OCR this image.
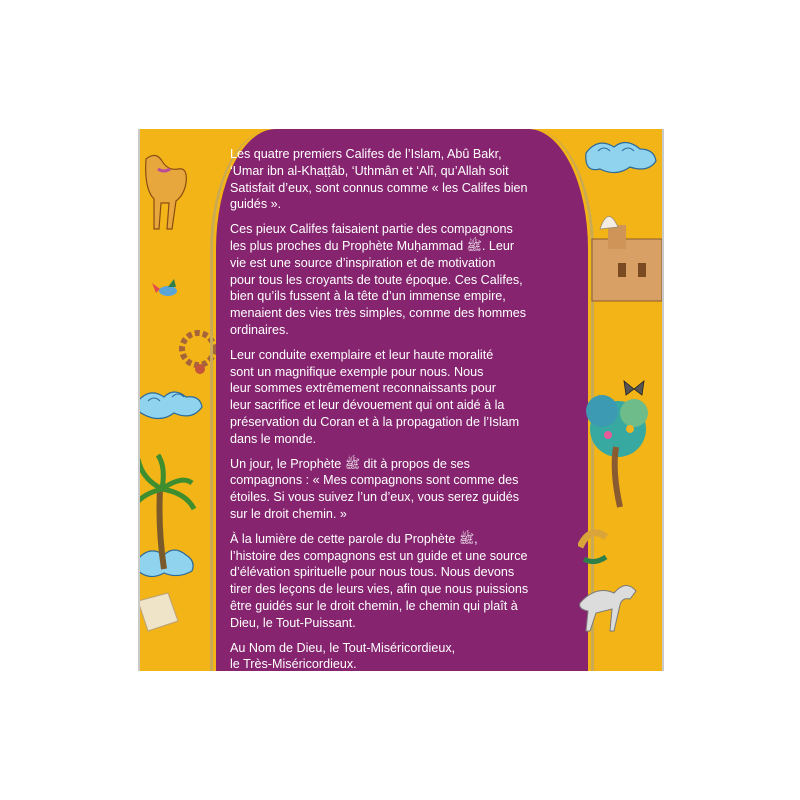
Les quatre premiers Califes de l’Islam, Abû Bakr,
‘Umar ibn al-Khaṭṭâb, ‘Uthmân et ‘Alî, qu’Allah soit
Satisfait d’eux, sont connus comme « les Califes bien
guidés ».

Ces pieux Califes faisaient partie des compagnons
les plus proches du Prophète Muḥammad ﷺ. Leur
vie est une source d’inspiration et de motivation
pour tous les croyants de toute époque. Ces Califes,
bien qu’ils fussent à la tête d’un immense empire,
menaient des vies très simples, comme des hommes
ordinaires.

Leur conduite exemplaire et leur haute moralité
sont un magnifique exemple pour nous. Nous
leur sommes extrêmement reconnaissants pour
leur sacrifice et leur dévouement qui ont aidé à la
préservation du Coran et à la propagation de l’Islam
dans le monde.

Un jour, le Prophète ﷺ dit à propos de ses
compagnons : « Mes compagnons sont comme des
étoiles. Si vous suivez l’un d’eux, vous serez guidés
sur le droit chemin. »

À la lumière de cette parole du Prophète ﷺ,
l’histoire des compagnons est un guide et une source
d’élévation spirituelle pour nous tous. Nous devons
tirer des leçons de leurs vies, afin que nous puissions
être guidés sur le droit chemin, le chemin qui plaît à
Dieu, le Tout-Puissant.

Au Nom de Dieu, le Tout-Miséricordieux,
le Très-Miséricordieux.
